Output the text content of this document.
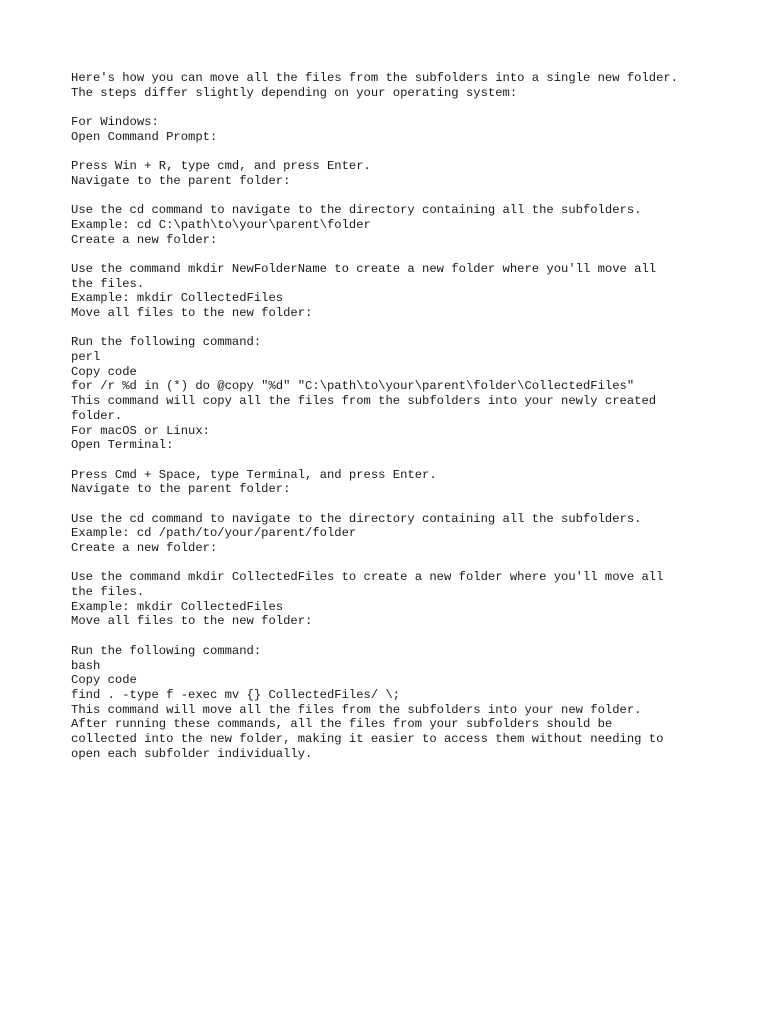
Here's how you can move all the files from the subfolders into a single new folder.
The steps differ slightly depending on your operating system:
For Windows:
Open Command Prompt:
Press Win + R, type cmd, and press Enter.
Navigate to the parent folder:
Use the cd command to navigate to the directory containing all the subfolders.
Example: cd C:\path\to\your\parent\folder
Create a new folder:
Use the command mkdir NewFolderName to create a new folder where you'll move all
the files.
Example: mkdir CollectedFiles
Move all files to the new folder:
Run the following command:
perl
Copy code
for /r %d in (*) do @copy "%d" "C:\path\to\your\parent\folder\CollectedFiles"
This command will copy all the files from the subfolders into your newly created
folder.
For macOS or Linux:
Open Terminal:
Press Cmd + Space, type Terminal, and press Enter.
Navigate to the parent folder:
Use the cd command to navigate to the directory containing all the subfolders.
Example: cd /path/to/your/parent/folder
Create a new folder:
Use the command mkdir CollectedFiles to create a new folder where you'll move all
the files.
Example: mkdir CollectedFiles
Move all files to the new folder:
Run the following command:
bash
Copy code
find . -type f -exec mv {} CollectedFiles/ \;
This command will move all the files from the subfolders into your new folder.
After running these commands, all the files from your subfolders should be
collected into the new folder, making it easier to access them without needing to
open each subfolder individually.
